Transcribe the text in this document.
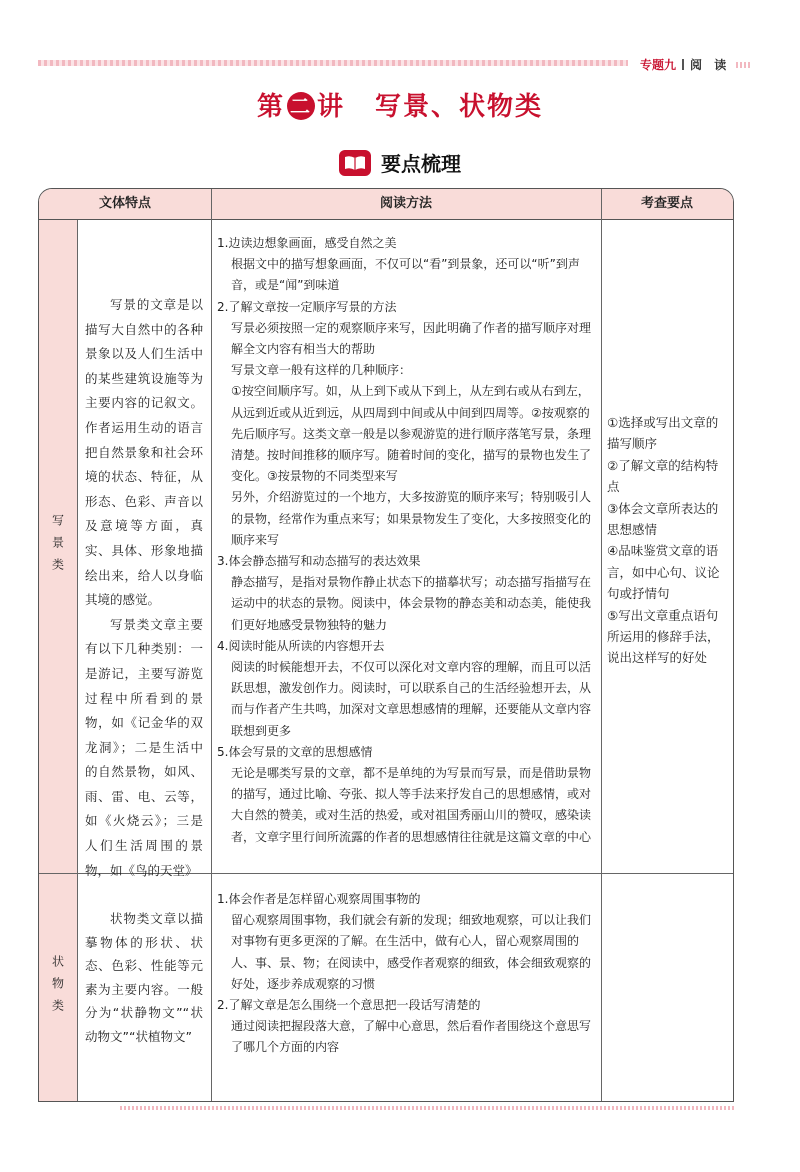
专题九 阅 读
第 二 讲 写景、状物类
要点梳理
文体特点	阅读方法	考查要点
写景类
状物类

写景的文章是以描写大自然中的各种景象以及人们生活中的某些建筑设施等为主要内容的记叙文。作者运用生动的语言把自然景象和社会环境的状态、特征，从形态、色彩、声音以及意境等方面，真实、具体、形象地描绘出来，给人以身临其境的感觉。

写景类文章主要有以下几种类别：一是游记，主要写游览过程中所看到的景物，如《记金华的双龙洞》；二是生活中的自然景物，如风、雨、雷、电、云等，如《火烧云》；三是人们生活周围的景物，如《鸟的天堂》

1.边读边想象画面，感受自然之美

根据文中的描写想象画面，不仅可以“看”到景象，还可以“听”到声音，或是“闻”到味道

2.了解文章按一定顺序写景的方法

写景必须按照一定的观察顺序来写，因此明确了作者的描写顺序对理解全文内容有相当大的帮助

写景文章一般有这样的几种顺序：

①按空间顺序写。如，从上到下或从下到上，从左到右或从右到左，从远到近或从近到远，从四周到中间或从中间到四周等。②按观察的先后顺序写。这类文章一般是以参观游览的进行顺序落笔写景，条理清楚。按时间推移的顺序写。随着时间的变化，描写的景物也发生了变化。③按景物的不同类型来写

另外，介绍游览过的一个地方，大多按游览的顺序来写；特别吸引人的景物，经常作为重点来写；如果景物发生了变化，大多按照变化的顺序来写

3.体会静态描写和动态描写的表达效果

静态描写，是指对景物作静止状态下的描摹状写；动态描写指描写在运动中的状态的景物。阅读中，体会景物的静态美和动态美，能使我们更好地感受景物独特的魅力

4.阅读时能从所读的内容想开去

阅读的时候能想开去，不仅可以深化对文章内容的理解，而且可以活跃思想，激发创作力。阅读时，可以联系自己的生活经验想开去，从而与作者产生共鸣，加深对文章思想感情的理解，还要能从文章内容联想到更多

5.体会写景的文章的思想感情

无论是哪类写景的文章，都不是单纯的为写景而写景，而是借助景物的描写，通过比喻、夸张、拟人等手法来抒发自己的思想感情，或对大自然的赞美，或对生活的热爱，或对祖国秀丽山川的赞叹，感染读者，文章字里行间所流露的作者的思想感情往往就是这篇文章的中心

①选择或写出文章的描写顺序

②了解文章的结构特点

③体会文章所表达的思想感情

④品味鉴赏文章的语言，如中心句、议论句或抒情句

⑤写出文章重点语句所运用的修辞手法，说出这样写的好处

状物类文章以描摹物体的形状、状态、色彩、性能等元素为主要内容。一般分为“状静物文”“状动物文”“状植物文”

1.体会作者是怎样留心观察周围事物的

留心观察周围事物，我们就会有新的发现；细致地观察，可以让我们对事物有更多更深的了解。在生活中，做有心人，留心观察周围的人、事、景、物；在阅读中，感受作者观察的细致，体会细致观察的好处，逐步养成观察的习惯

2.了解文章是怎么围绕一个意思把一段话写清楚的

通过阅读把握段落大意，了解中心意思，然后看作者围绕这个意思写了哪几个方面的内容
